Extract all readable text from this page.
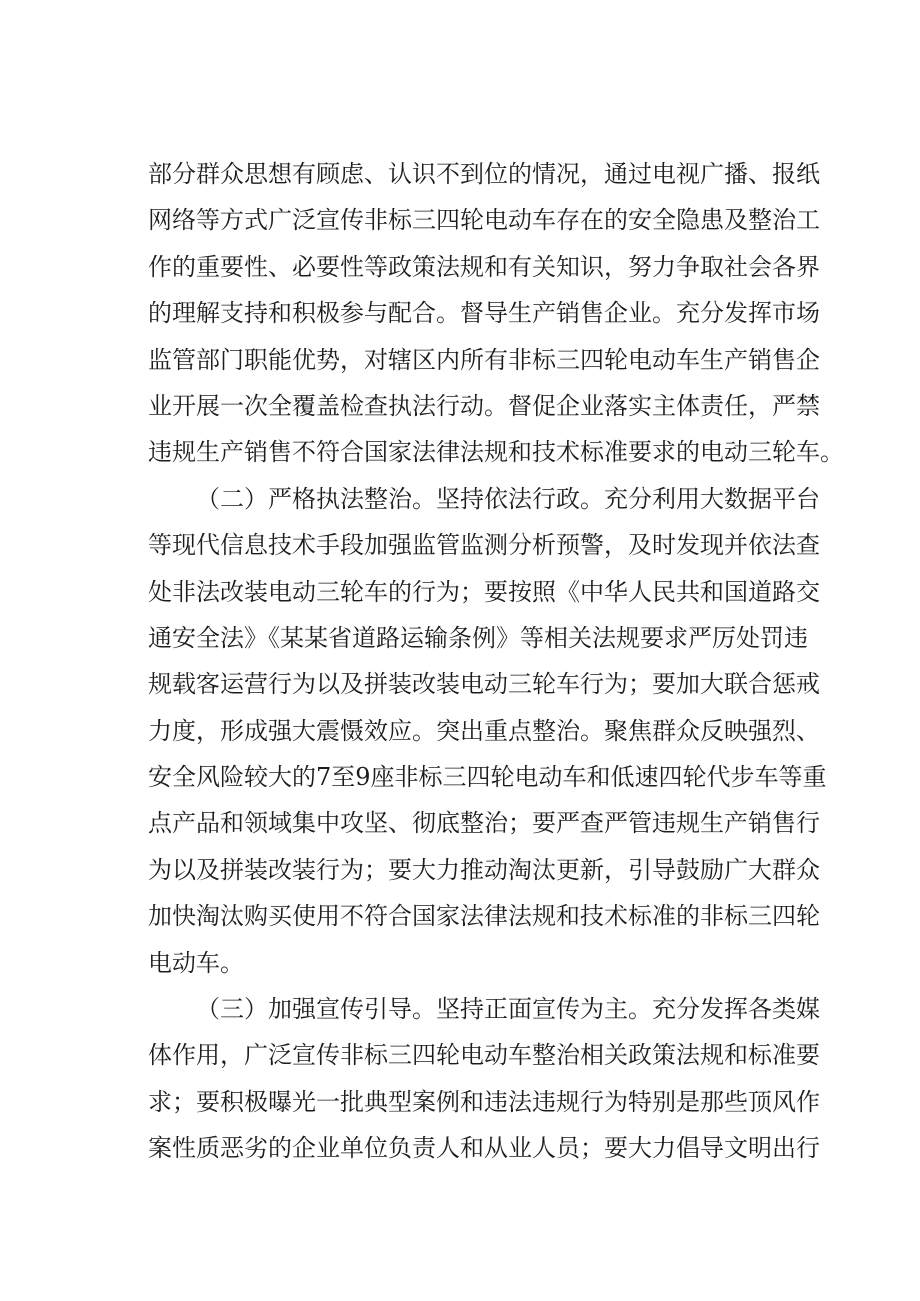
部分群众思想有顾虑、认识不到位的情况，通过电视广播、报纸
网络等方式广泛宣传非标三四轮电动车存在的安全隐患及整治工
作的重要性、必要性等政策法规和有关知识，努力争取社会各界
的理解支持和积极参与配合。督导生产销售企业。充分发挥市场
监管部门职能优势，对辖区内所有非标三四轮电动车生产销售企
业开展一次全覆盖检查执法行动。督促企业落实主体责任，严禁
违规生产销售不符合国家法律法规和技术标准要求的电动三轮车。
（二）严格执法整治。坚持依法行政。充分利用大数据平台
等现代信息技术手段加强监管监测分析预警，及时发现并依法查
处非法改装电动三轮车的行为；要按照《中华人民共和国道路交
通安全法》《某某省道路运输条例》等相关法规要求严厉处罚违
规载客运营行为以及拼装改装电动三轮车行为；要加大联合惩戒
力度，形成强大震慑效应。突出重点整治。聚焦群众反映强烈、
安全风险较大的7至9座非标三四轮电动车和低速四轮代步车等重
点产品和领域集中攻坚、彻底整治；要严查严管违规生产销售行
为以及拼装改装行为；要大力推动淘汰更新，引导鼓励广大群众
加快淘汰购买使用不符合国家法律法规和技术标准的非标三四轮
电动车。
（三）加强宣传引导。坚持正面宣传为主。充分发挥各类媒
体作用，广泛宣传非标三四轮电动车整治相关政策法规和标准要
求；要积极曝光一批典型案例和违法违规行为特别是那些顶风作
案性质恶劣的企业单位负责人和从业人员；要大力倡导文明出行
